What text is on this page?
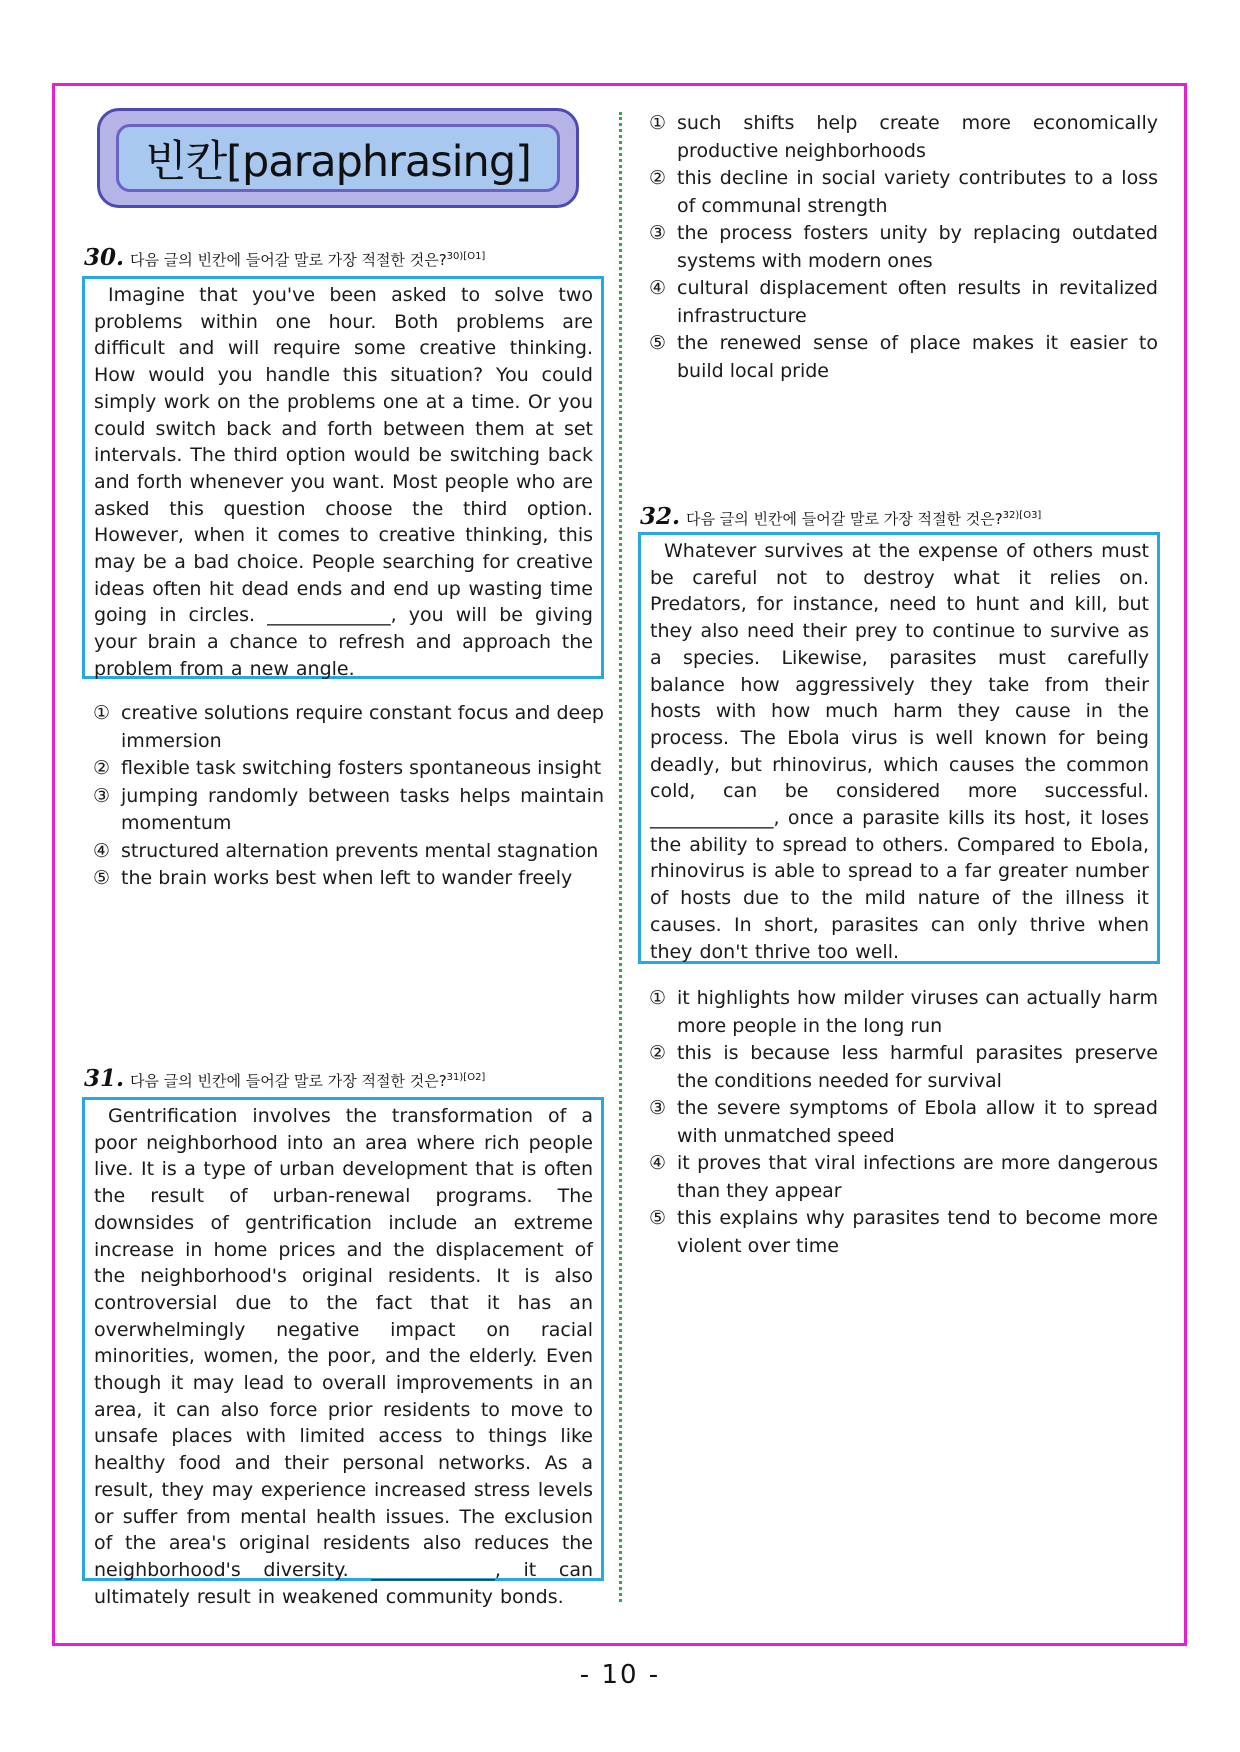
빈칸[paraphrasing]
30. 다음 글의 빈칸에 들어갈 말로 가장 적절한 것은?$^{30)[O1]}$

Imagine that you've been asked to solve two problems within one hour. Both problems are difficult and will require some creative thinking. How would you handle this situation? You could simply work on the problems one at a time. Or you could switch back and forth between them at set intervals. The third option would be switching back and forth whenever you want. Most people who are asked this question choose the third option. However, when it comes to creative thinking, this may be a bad choice. People searching for creative ideas often hit dead ends and end up wasting time going in circles. _____________, you will be giving your brain a chance to refresh and approach the problem from a new angle.

① creative solutions require constant focus and deep immersion
② flexible task switching fosters spontaneous insight
③ jumping randomly between tasks helps maintain momentum
④ structured alternation prevents mental stagnation
⑤ the brain works best when left to wander freely
31. 다음 글의 빈칸에 들어갈 말로 가장 적절한 것은?$^{31)[O2]}$

Gentrification involves the transformation of a poor neighborhood into an area where rich people live. It is a type of urban development that is often the result of urban-renewal programs. The downsides of gentrification include an extreme increase in home prices and the displacement of the neighborhood's original residents. It is also controversial due to the fact that it has an overwhelmingly negative impact on racial minorities, women, the poor, and the elderly. Even though it may lead to overall improvements in an area, it can also force prior residents to move to unsafe places with limited access to things like healthy food and their personal networks. As a result, they may experience increased stress levels or suffer from mental health issues. The exclusion of the area's original residents also reduces the neighborhood's diversity. _____________, it can ultimately result in weakened community bonds.

① such shifts help create more economically productive neighborhoods
② this decline in social variety contributes to a loss of communal strength
③ the process fosters unity by replacing outdated systems with modern ones
④ cultural displacement often results in revitalized infrastructure
⑤ the renewed sense of place makes it easier to build local pride
32. 다음 글의 빈칸에 들어갈 말로 가장 적절한 것은?$^{32)[O3]}$

Whatever survives at the expense of others must be careful not to destroy what it relies on. Predators, for instance, need to hunt and kill, but they also need their prey to continue to survive as a species. Likewise, parasites must carefully balance how aggressively they take from their hosts with how much harm they cause in the process. The Ebola virus is well known for being deadly, but rhinovirus, which causes the common cold, can be considered more successful. _____________, once a parasite kills its host, it loses the ability to spread to others. Compared to Ebola, rhinovirus is able to spread to a far greater number of hosts due to the mild nature of the illness it causes. In short, parasites can only thrive when they don't thrive too well.

① it highlights how milder viruses can actually harm more people in the long run
② this is because less harmful parasites preserve the conditions needed for survival
③ the severe symptoms of Ebola allow it to spread with unmatched speed
④ it proves that viral infections are more dangerous than they appear
⑤ this explains why parasites tend to become more violent over time
- 10 -
